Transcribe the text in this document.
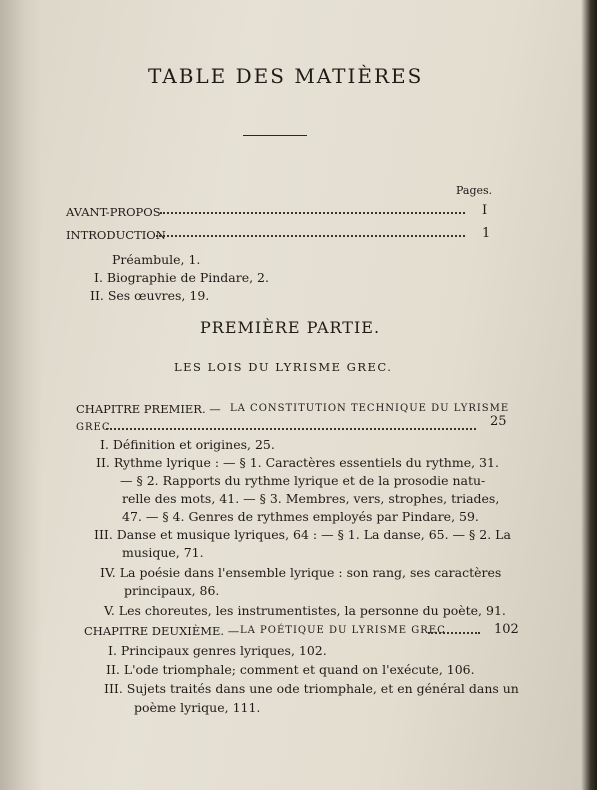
TABLE DES MATIÈRES
Pages.
AVANT-PROPOS	I
INTRODUCTION	1
Préambule, 1.
I. Biographie de Pindare, 2.
II. Ses œuvres, 19.
PREMIÈRE PARTIE.
LES LOIS DU LYRISME GREC.
CHAPITRE PREMIER. — LA CONSTITUTION TECHNIQUE DU LYRISME
GREC	25
I. Définition et origines, 25.
II. Rythme lyrique : — § 1. Caractères essentiels du rythme, 31.
— § 2. Rapports du rythme lyrique et de la prosodie natu-
relle des mots, 41. — § 3. Membres, vers, strophes, triades,
47. — § 4. Genres de rythmes employés par Pindare, 59.
III. Danse et musique lyriques, 64 : — § 1. La danse, 65. — § 2. La
musique, 71.
IV. La poésie dans l'ensemble lyrique : son rang, ses caractères
principaux, 86.
V. Les choreutes, les instrumentistes, la personne du poète, 91.
CHAPITRE DEUXIÈME. — LA POÉTIQUE DU LYRISME GREC	102
I. Principaux genres lyriques, 102.
II. L'ode triomphale; comment et quand on l'exécute, 106.
III. Sujets traités dans une ode triomphale, et en général dans un
poème lyrique, 111.
